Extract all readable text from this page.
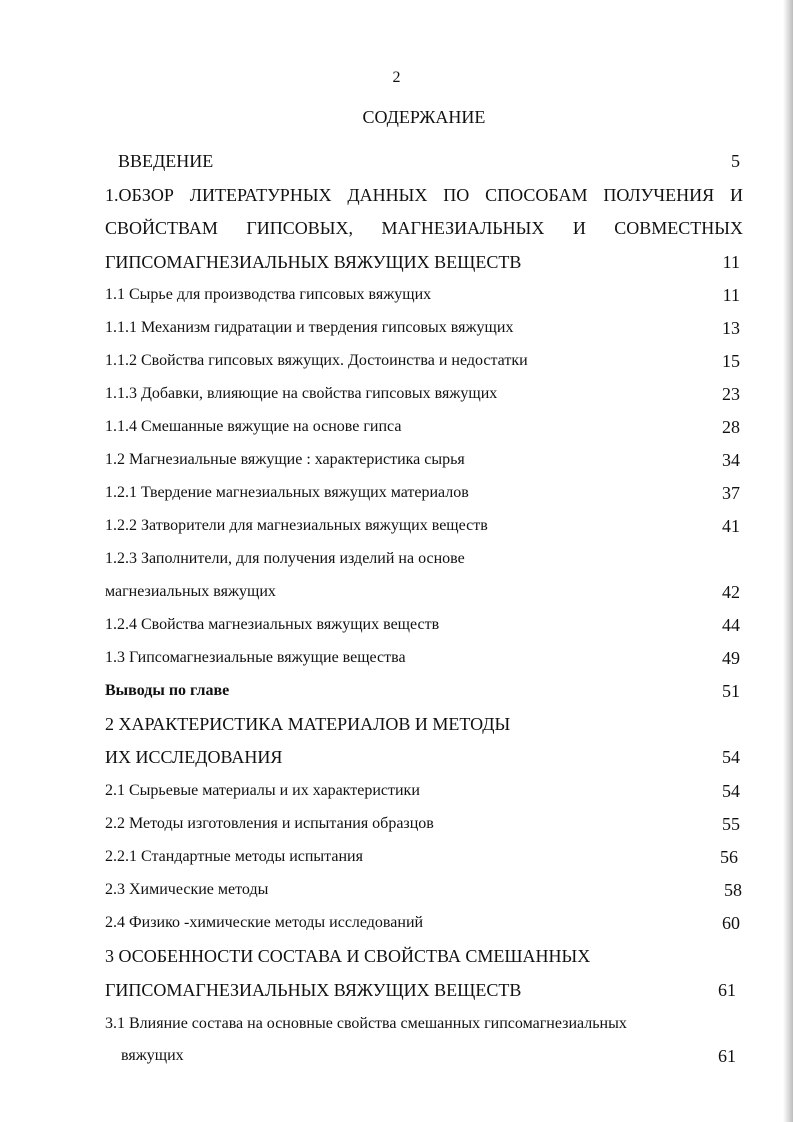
2
СОДЕРЖАНИЕ
ВВЕДЕНИЕ	5
1.ОБЗОР ЛИТЕРАТУРНЫХ ДАННЫХ ПО СПОСОБАМ ПОЛУЧЕНИЯ И
СВОЙСТВАМ ГИПСОВЫХ, МАГНЕЗИАЛЬНЫХ И СОВМЕСТНЫХ
ГИПСОМАГНЕЗИАЛЬНЫХ ВЯЖУЩИХ ВЕЩЕСТВ	11
1.1 Сырье для производства гипсовых вяжущих	11
1.1.1 Механизм гидратации и твердения гипсовых вяжущих	13
1.1.2 Свойства гипсовых вяжущих. Достоинства и недостатки	15
1.1.3 Добавки, влияющие на свойства гипсовых вяжущих	23
1.1.4 Смешанные вяжущие на основе гипса	28
1.2 Магнезиальные вяжущие : характеристика сырья	34
1.2.1 Твердение магнезиальных вяжущих материалов	37
1.2.2 Затворители для магнезиальных вяжущих веществ	41
1.2.3 Заполнители, для получения изделий на основе
магнезиальных вяжущих	42
1.2.4 Свойства магнезиальных вяжущих веществ	44
1.3 Гипсомагнезиальные вяжущие вещества	49
Выводы по главе	51
2 ХАРАКТЕРИСТИКА МАТЕРИАЛОВ И МЕТОДЫ
ИХ ИССЛЕДОВАНИЯ	54
2.1 Сырьевые материалы и их характеристики	54
2.2 Методы изготовления и испытания образцов	55
2.2.1 Стандартные методы испытания	56
2.3 Химические методы	58
2.4 Физико -химические методы исследований	60
3 ОСОБЕННОСТИ СОСТАВА И СВОЙСТВА СМЕШАННЫХ
ГИПСОМАГНЕЗИАЛЬНЫХ ВЯЖУЩИХ ВЕЩЕСТВ	61
3.1 Влияние состава на основные свойства смешанных гипсомагнезиальных
вяжущих	61
